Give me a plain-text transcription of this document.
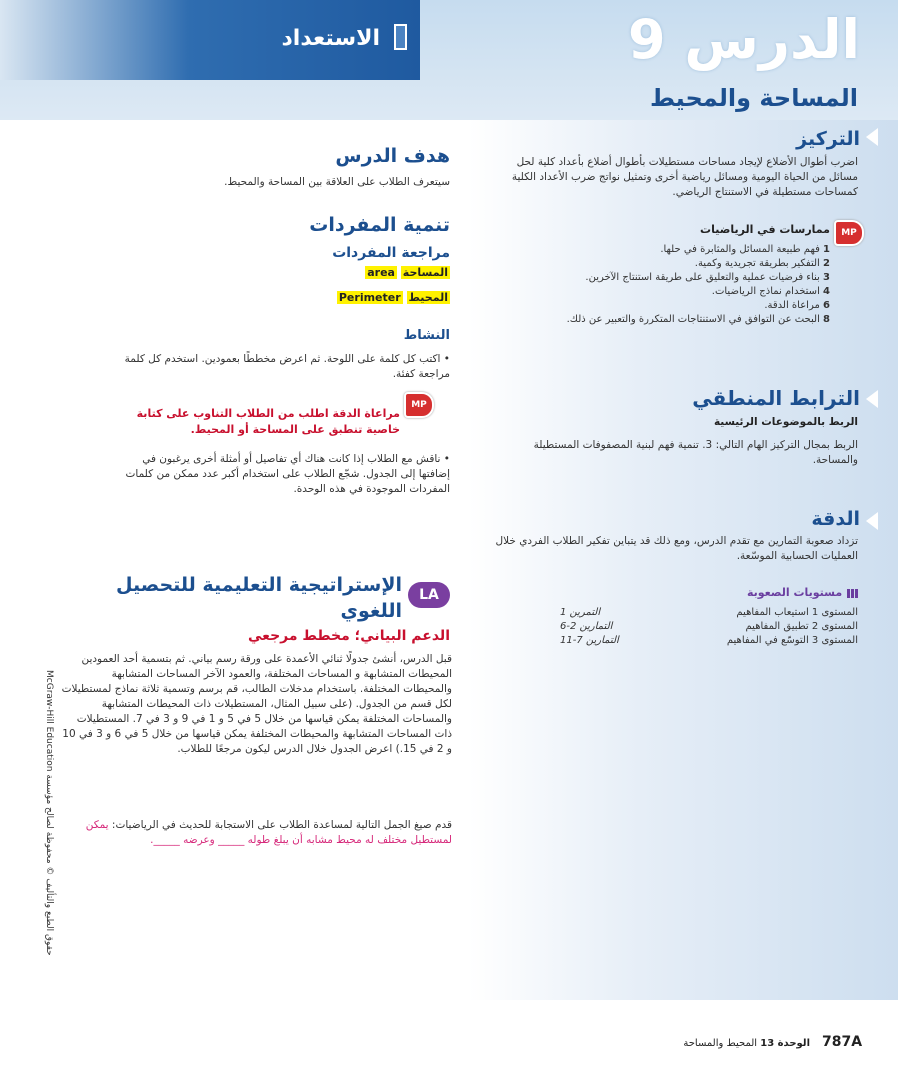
الاستعداد	الدرس 9
المساحة والمحيط
التركيز
اضرب أطوال الأضلاع لإيجاد مساحات مستطيلات بأطوال أضلاع بأعداد كلية لحل مسائل من الحياة اليومية ومسائل رياضية أخرى وتمثيل نواتج ضرب الأعداد الكلية كمساحات مستطيلة في الاستنتاج الرياضي.
MP
ممارسات في الرياضيات
1 فهم طبيعة المسائل والمثابرة في حلها.
2 التفكير بطريقة تجريدية وكمية.
3 بناء فرضيات عملية والتعليق على طريقة استنتاج الآخرين.
4 استخدام نماذج الرياضيات.
6 مراعاة الدقة.
8 البحث عن التوافق في الاستنتاجات المتكررة والتعبير عن ذلك.
الترابط المنطقي
الربط بالموضوعات الرئيسية
الربط بمجال التركيز الهام التالي: 3. تنمية فهم لبنية المصفوفات المستطيلة والمساحة.
الدقة
تزداد صعوبة التمارين مع تقدم الدرس، ومع ذلك قد يتباين تفكير الطلاب الفردي خلال العمليات الحسابية الموسّعة.
مستويات الصعوبة
المستوى 1 استيعاب المفاهيم
التمرين 1
المستوى 2 تطبيق المفاهيم
التمارين 2-6
المستوى 3 التوسّع في المفاهيم
التمارين 7-11
هدف الدرس
سيتعرف الطلاب على العلاقة بين المساحة والمحيط.
تنمية المفردات
مراجعة المفردات
المساحة area
المحيط Perimeter
النشاط
• اكتب كل كلمة على اللوحة. ثم اعرض مخططًا بعمودين. استخدم كل كلمة مراجعة كفئة.
MP
مراعاة الدقة اطلب من الطلاب التناوب على كتابة خاصية تنطبق على المساحة أو المحيط.
• ناقش مع الطلاب إذا كانت هناك أي تفاصيل أو أمثلة أخرى يرغبون في إضافتها إلى الجدول. شجّع الطلاب على استخدام أكبر عدد ممكن من كلمات المفردات الموجودة في هذه الوحدة.
LA
الإستراتيجية التعليمية للتحصيل اللغوي
الدعم البياني؛ مخطط مرجعي
قبل الدرس، أنشئ جدولًا ثنائي الأعمدة على ورقة رسم بياني. ثم بتسمية أحد العمودين المحيطات المتشابهة و المساحات المختلفة، والعمود الآخر المساحات المتشابهة والمحيطات المختلفة. باستخدام مدخلات الطالب، قم برسم وتسمية ثلاثة نماذج لمستطيلات لكل قسم من الجدول. (على سبيل المثال، المستطيلات ذات المحيطات المتشابهة والمساحات المختلفة يمكن قياسها من خلال 5 في 5 و 1 في 9 و 3 في 7. المستطيلات ذات المساحات المتشابهة والمحيطات المختلفة يمكن قياسها من خلال 5 في 6 و 3 في 10 و 2 في 15.) اعرض الجدول خلال الدرس ليكون مرجعًا للطلاب.
قدم صيغ الجمل التالية لمساعدة الطلاب على الاستجابة للحديث في الرياضيات: يمكن لمستطيل مختلف له محيط مشابه أن يبلغ طوله _____ وعرضه _____.
حقوق الطبع والتأليف © محفوظة لصالح مؤسسة McGraw-Hill Education
الوحدة 13 المحيط والمساحة	787A
